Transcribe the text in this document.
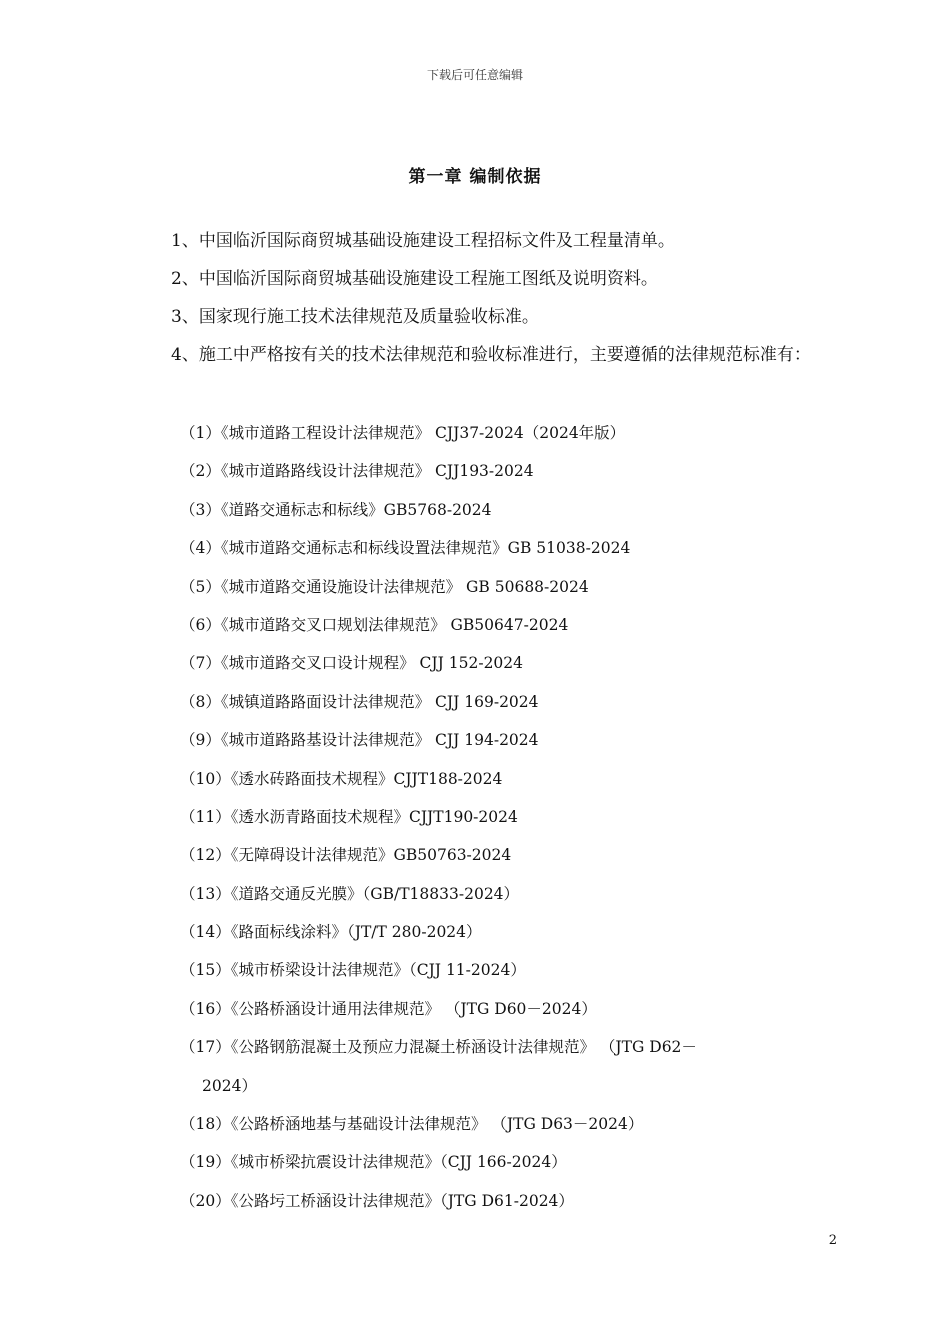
下载后可任意编辑
第一章 编制依据
1、中国临沂国际商贸城基础设施建设工程招标文件及工程量清单。
2、中国临沂国际商贸城基础设施建设工程施工图纸及说明资料。
3、国家现行施工技术法律规范及质量验收标准。
4、施工中严格按有关的技术法律规范和验收标准进行，主要遵循的法律规范标准有：
（1）《城市道路工程设计法律规范》 CJJ37-2024（2024年版）
（2）《城市道路路线设计法律规范》 CJJ193-2024
（3）《道路交通标志和标线》GB5768-2024
（4）《城市道路交通标志和标线设置法律规范》GB 51038-2024
（5）《城市道路交通设施设计法律规范》 GB 50688-2024
（6）《城市道路交叉口规划法律规范》 GB50647-2024
（7）《城市道路交叉口设计规程》 CJJ 152-2024
（8）《城镇道路路面设计法律规范》 CJJ 169-2024
（9）《城市道路路基设计法律规范》 CJJ 194-2024
（10）《透水砖路面技术规程》CJJT188-2024
（11）《透水沥青路面技术规程》CJJT190-2024
（12）《无障碍设计法律规范》GB50763-2024
（13）《道路交通反光膜》（GB/T18833-2024）
（14）《路面标线涂料》（JT/T 280-2024）
（15）《城市桥梁设计法律规范》（CJJ 11-2024）
（16）《公路桥涵设计通用法律规范》 （JTG D60－2024）
（17）《公路钢筋混凝土及预应力混凝土桥涵设计法律规范》 （JTG D62－
2024）
（18）《公路桥涵地基与基础设计法律规范》 （JTG D63－2024）
（19）《城市桥梁抗震设计法律规范》（CJJ 166-2024）
（20）《公路圬工桥涵设计法律规范》（JTG D61-2024）
2
